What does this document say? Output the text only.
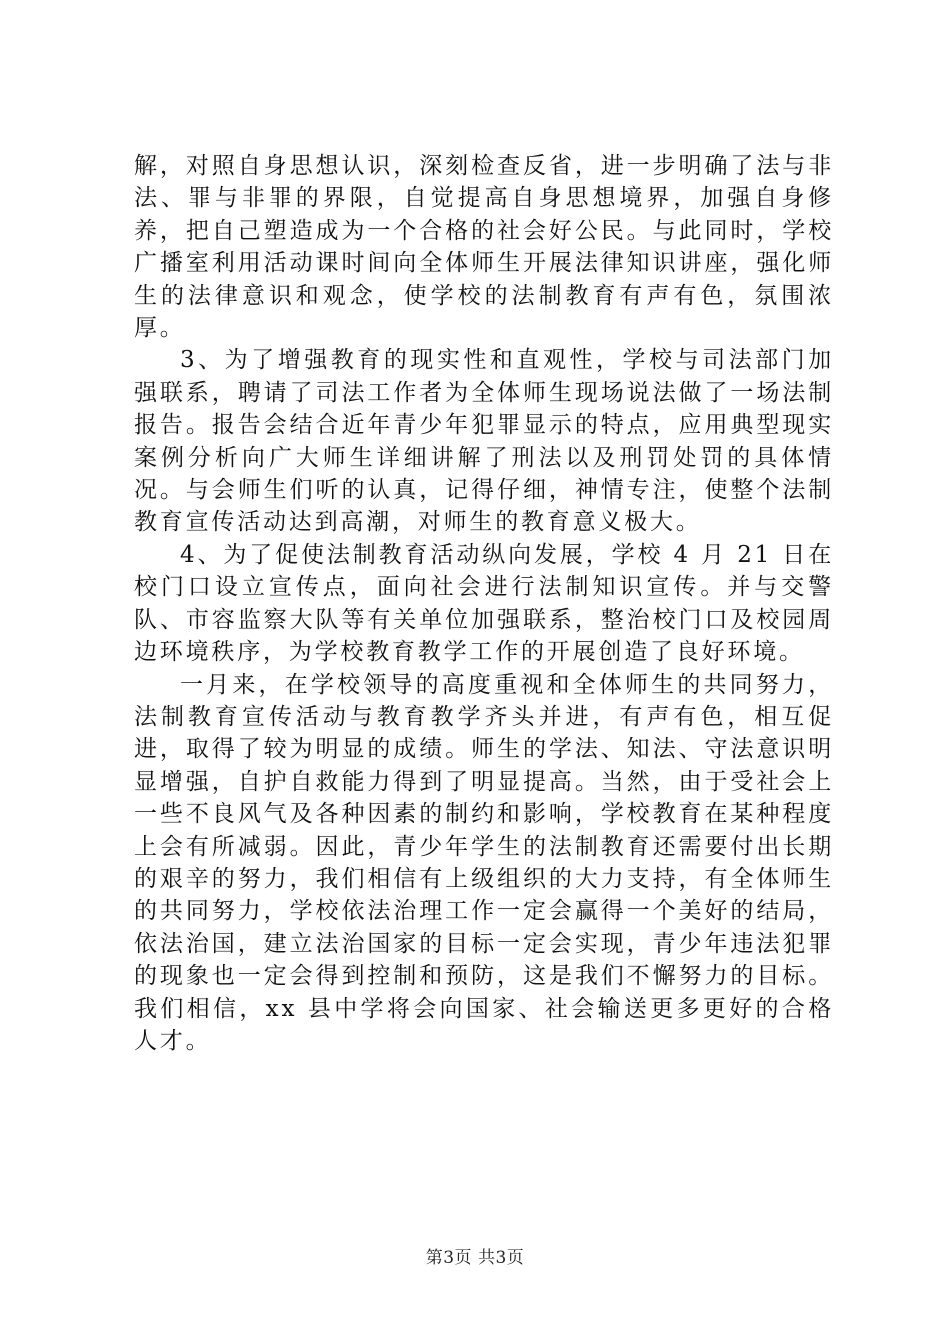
解，对照自身思想认识，深刻检查反省，进一步明确了法与非法、罪与非罪的界限，自觉提高自身思想境界，加强自身修养，把自己塑造成为一个合格的社会好公民。与此同时，学校广播室利用活动课时间向全体师生开展法律知识讲座，强化师生的法律意识和观念，使学校的法制教育有声有色，氛围浓厚。

3、为了增强教育的现实性和直观性，学校与司法部门加强联系，聘请了司法工作者为全体师生现场说法做了一场法制报告。报告会结合近年青少年犯罪显示的特点，应用典型现实案例分析向广大师生详细讲解了刑法以及刑罚处罚的具体情况。与会师生们听的认真，记得仔细，神情专注，使整个法制教育宣传活动达到高潮，对师生的教育意义极大。

4、为了促使法制教育活动纵向发展，学校 4 月 21 日在校门口设立宣传点，面向社会进行法制知识宣传。并与交警队、市容监察大队等有关单位加强联系，整治校门口及校园周边环境秩序，为学校教育教学工作的开展创造了良好环境。

一月来，在学校领导的高度重视和全体师生的共同努力，法制教育宣传活动与教育教学齐头并进，有声有色，相互促进，取得了较为明显的成绩。师生的学法、知法、守法意识明显增强，自护自救能力得到了明显提高。当然，由于受社会上一些不良风气及各种因素的制约和影响，学校教育在某种程度上会有所减弱。因此，青少年学生的法制教育还需要付出长期的艰辛的努力，我们相信有上级组织的大力支持，有全体师生的共同努力，学校依法治理工作一定会赢得一个美好的结局，依法治国，建立法治国家的目标一定会实现，青少年违法犯罪的现象也一定会得到控制和预防，这是我们不懈努力的目标。我们相信，xx 县中学将会向国家、社会输送更多更好的合格人才。

第3页 共3页
